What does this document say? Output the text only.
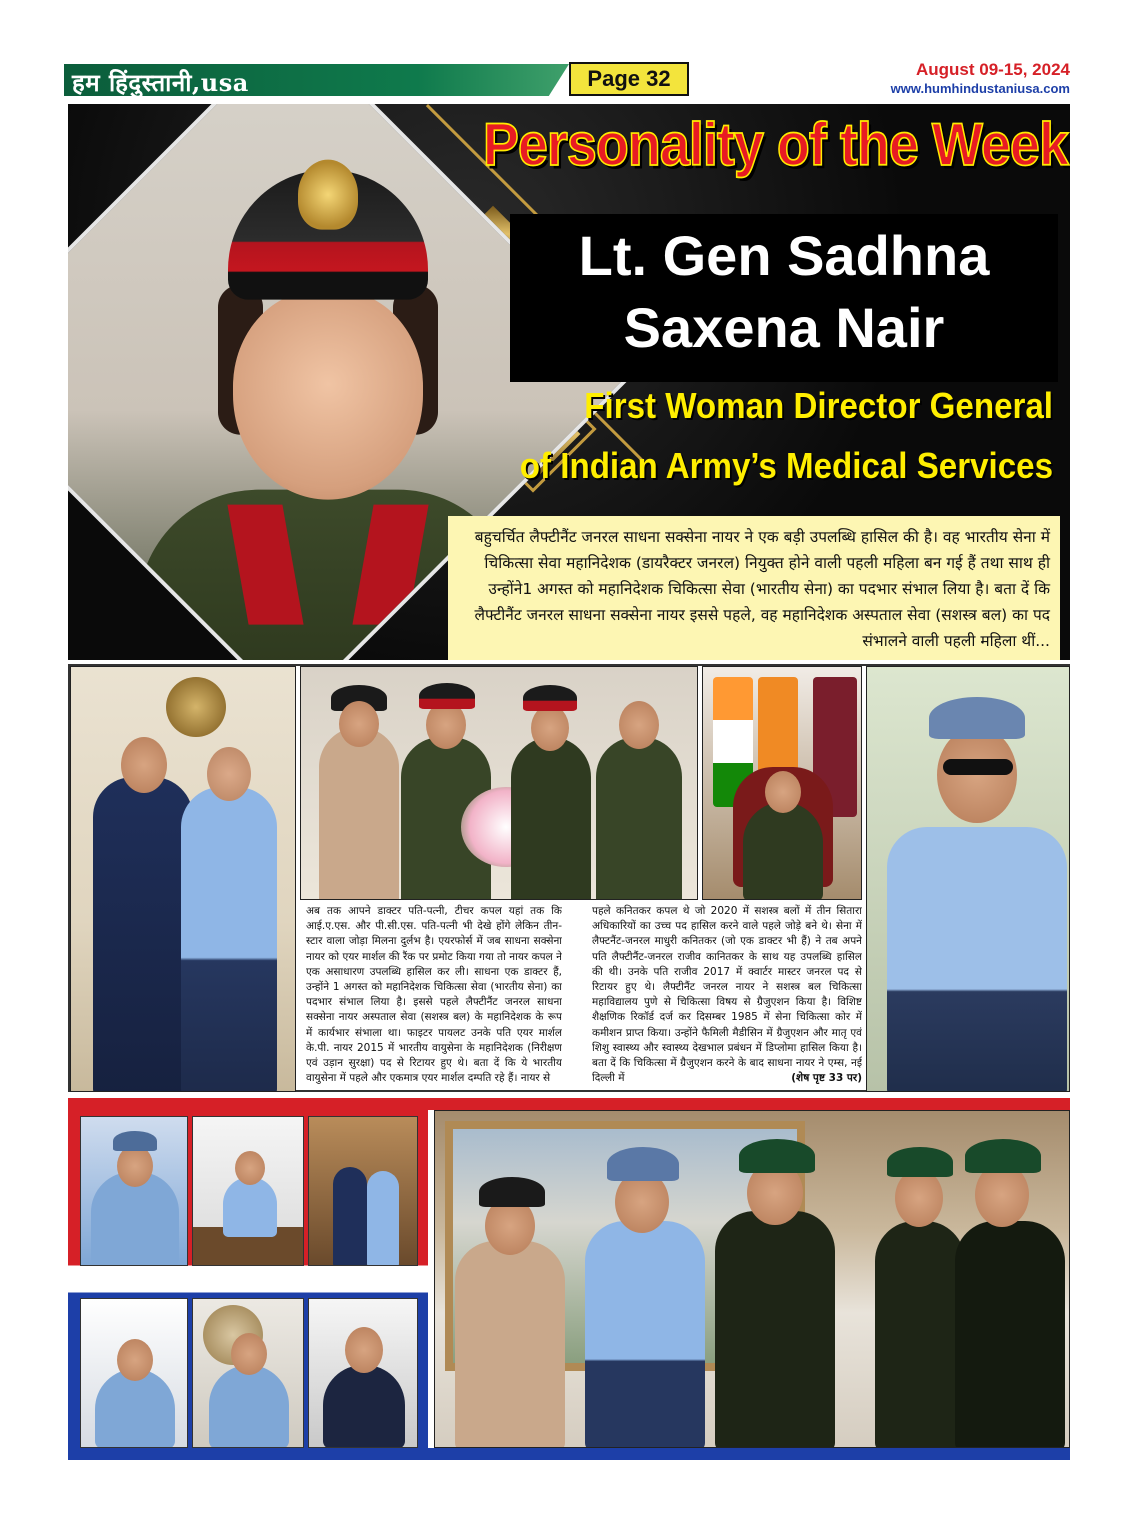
हम हिंदुस्तानी,usa	Page 32	August 09-15, 2024
www.humhindustaniusa.com
Personality of the Week
Lt. Gen Sadhna
Saxena Nair
First Woman Director General
of Indian Army’s Medical Services
बहुचर्चित लैफ्टीनैंट जनरल साधना सक्सेना नायर ने एक बड़ी उपलब्धि हासिल की है। वह भारतीय सेना में चिकित्सा सेवा महानिदेशक (डायरैक्टर जनरल) नियुक्त होने वाली पहली महिला बन गई हैं तथा साथ ही उन्होंने1 अगस्त को महानिदेशक चिकित्सा सेवा (भारतीय सेना) का पदभार संभाल लिया है। बता दें कि लैफ्टीनैंट जनरल साधना सक्सेना नायर इससे पहले, वह महानिदेशक अस्पताल सेवा (सशस्त्र बल) का पद संभालने वाली पहली महिला थीं...
अब तक आपने डाक्टर पति-पत्नी, टीचर कपल यहां तक कि आई.ए.एस. और पी.सी.एस. पति-पत्नी भी देखे होंगे लेकिन तीन-स्टार वाला जोड़ा मिलना दुर्लभ है। एयरफोर्स में जब साधना सक्सेना नायर को एयर मार्शल की रैंक पर प्रमोट किया गया तो नायर कपल ने एक असाधारण उपलब्धि हासिल कर ली। साधना एक डाक्टर हैं, उन्होंने 1 अगस्त को महानिदेशक चिकित्सा सेवा (भारतीय सेना) का पदभार संभाल लिया है। इससे पहले लैफ्टीनैंट जनरल साधना सक्सेना नायर अस्पताल सेवा (सशस्त्र बल) के महानिदेशक के रूप में कार्यभार संभाला था। फाइटर पायलट उनके पति एयर मार्शल के.पी. नायर 2015 में भारतीय वायुसेना के महानिदेशक (निरीक्षण एवं उड़ान सुरक्षा) पद से रिटायर हुए थे। बता दें कि ये भारतीय वायुसेना में पहले और एकमात्र एयर मार्शल दम्पति रहे हैं। नायर से
पहले कनितकर कपल थे जो 2020 में सशस्त्र बलों में तीन सितारा अधिकारियों का उच्च पद हासिल करने वाले पहले जोड़े बने थे। सेना में लैफ्टनैंट-जनरल माधुरी कनितकर (जो एक डाक्टर भी हैं) ने तब अपने पति लैफ्टीनैंट-जनरल राजीव कानितकर के साथ यह उपलब्धि हासिल की थी। उनके पति राजीव 2017 में क्वार्टर मास्टर जनरल पद से रिटायर हुए थे। लैफ्टीनैंट जनरल नायर ने सशस्त्र बल चिकित्सा महाविद्यालय पुणे से चिकित्सा विषय से ग्रैजुएशन किया है। विशिष्ट शैक्षणिक रिकॉर्ड दर्ज कर दिसम्बर 1985 में सेना चिकित्सा कोर में कमीशन प्राप्त किया। उन्होंने फैमिली मैडीसिन में ग्रैजुएशन और मातृ एवं शिशु स्वास्थ्य और स्वास्थ्य देखभाल प्रबंधन में डिप्लोमा हासिल किया है। बता दें कि चिकित्सा में ग्रैजुएशन करने के बाद साधना नायर ने एम्स, नई दिल्ली में	(शेष पृष्ट 33 पर)
